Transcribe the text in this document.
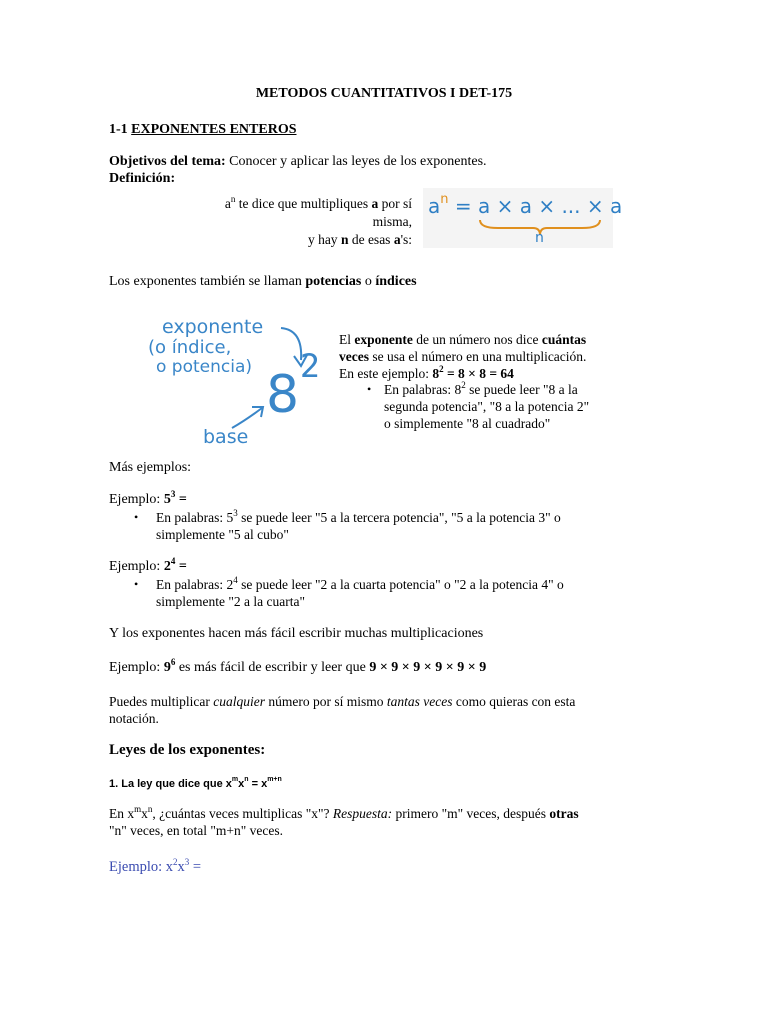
METODOS CUANTITATIVOS I DET-175
1-1 EXPONENTES ENTEROS
Objetivos del tema: Conocer y aplicar las leyes de los exponentes.
Definición:
$a^n$ te dice que multipliques a por sí
misma,
y hay n de esas a's:
$a^n = a \times a$ × ... × a
n
Los exponentes también se llaman potencias o índices
exponente
(o índice,
o potencia) 8 2
base
El exponente de un número nos dice cuántas
veces se usa el número en una multiplicación.
En este ejemplo: $8^2 = 8 \times 8 = 64$
• En palabras: $8^2$ se puede leer "8 a la
segunda potencia", "8 a la potencia 2"
o simplemente "8 al cuadrado"
Más ejemplos:
Ejemplo: $5^3$ =
• En palabras: $5^3$ se puede leer "5 a la tercera potencia", "5 a la potencia 3" o
simplemente "5 al cubo"
Ejemplo: $2^4$ =
• En palabras: $2^4$ se puede leer "2 a la cuarta potencia" o "2 a la potencia 4" o
simplemente "2 a la cuarta"
Y los exponentes hacen más fácil escribir muchas multiplicaciones
Ejemplo: $9^6$ es más fácil de escribir y leer que 9 × 9 × 9 × 9 × 9 × 9
Puedes multiplicar cualquier número por sí mismo tantas veces como quieras con esta
notación.
Leyes de los exponentes:
1. La ley que dice que $x^mx^n = x^{m+n}$
En $x^mx^n$, ¿cuántas veces multiplicas "x"? Respuesta: primero "m" veces, después otras
"n" veces, en total "m+n" veces.
Ejemplo: $x^2x^3$ =
